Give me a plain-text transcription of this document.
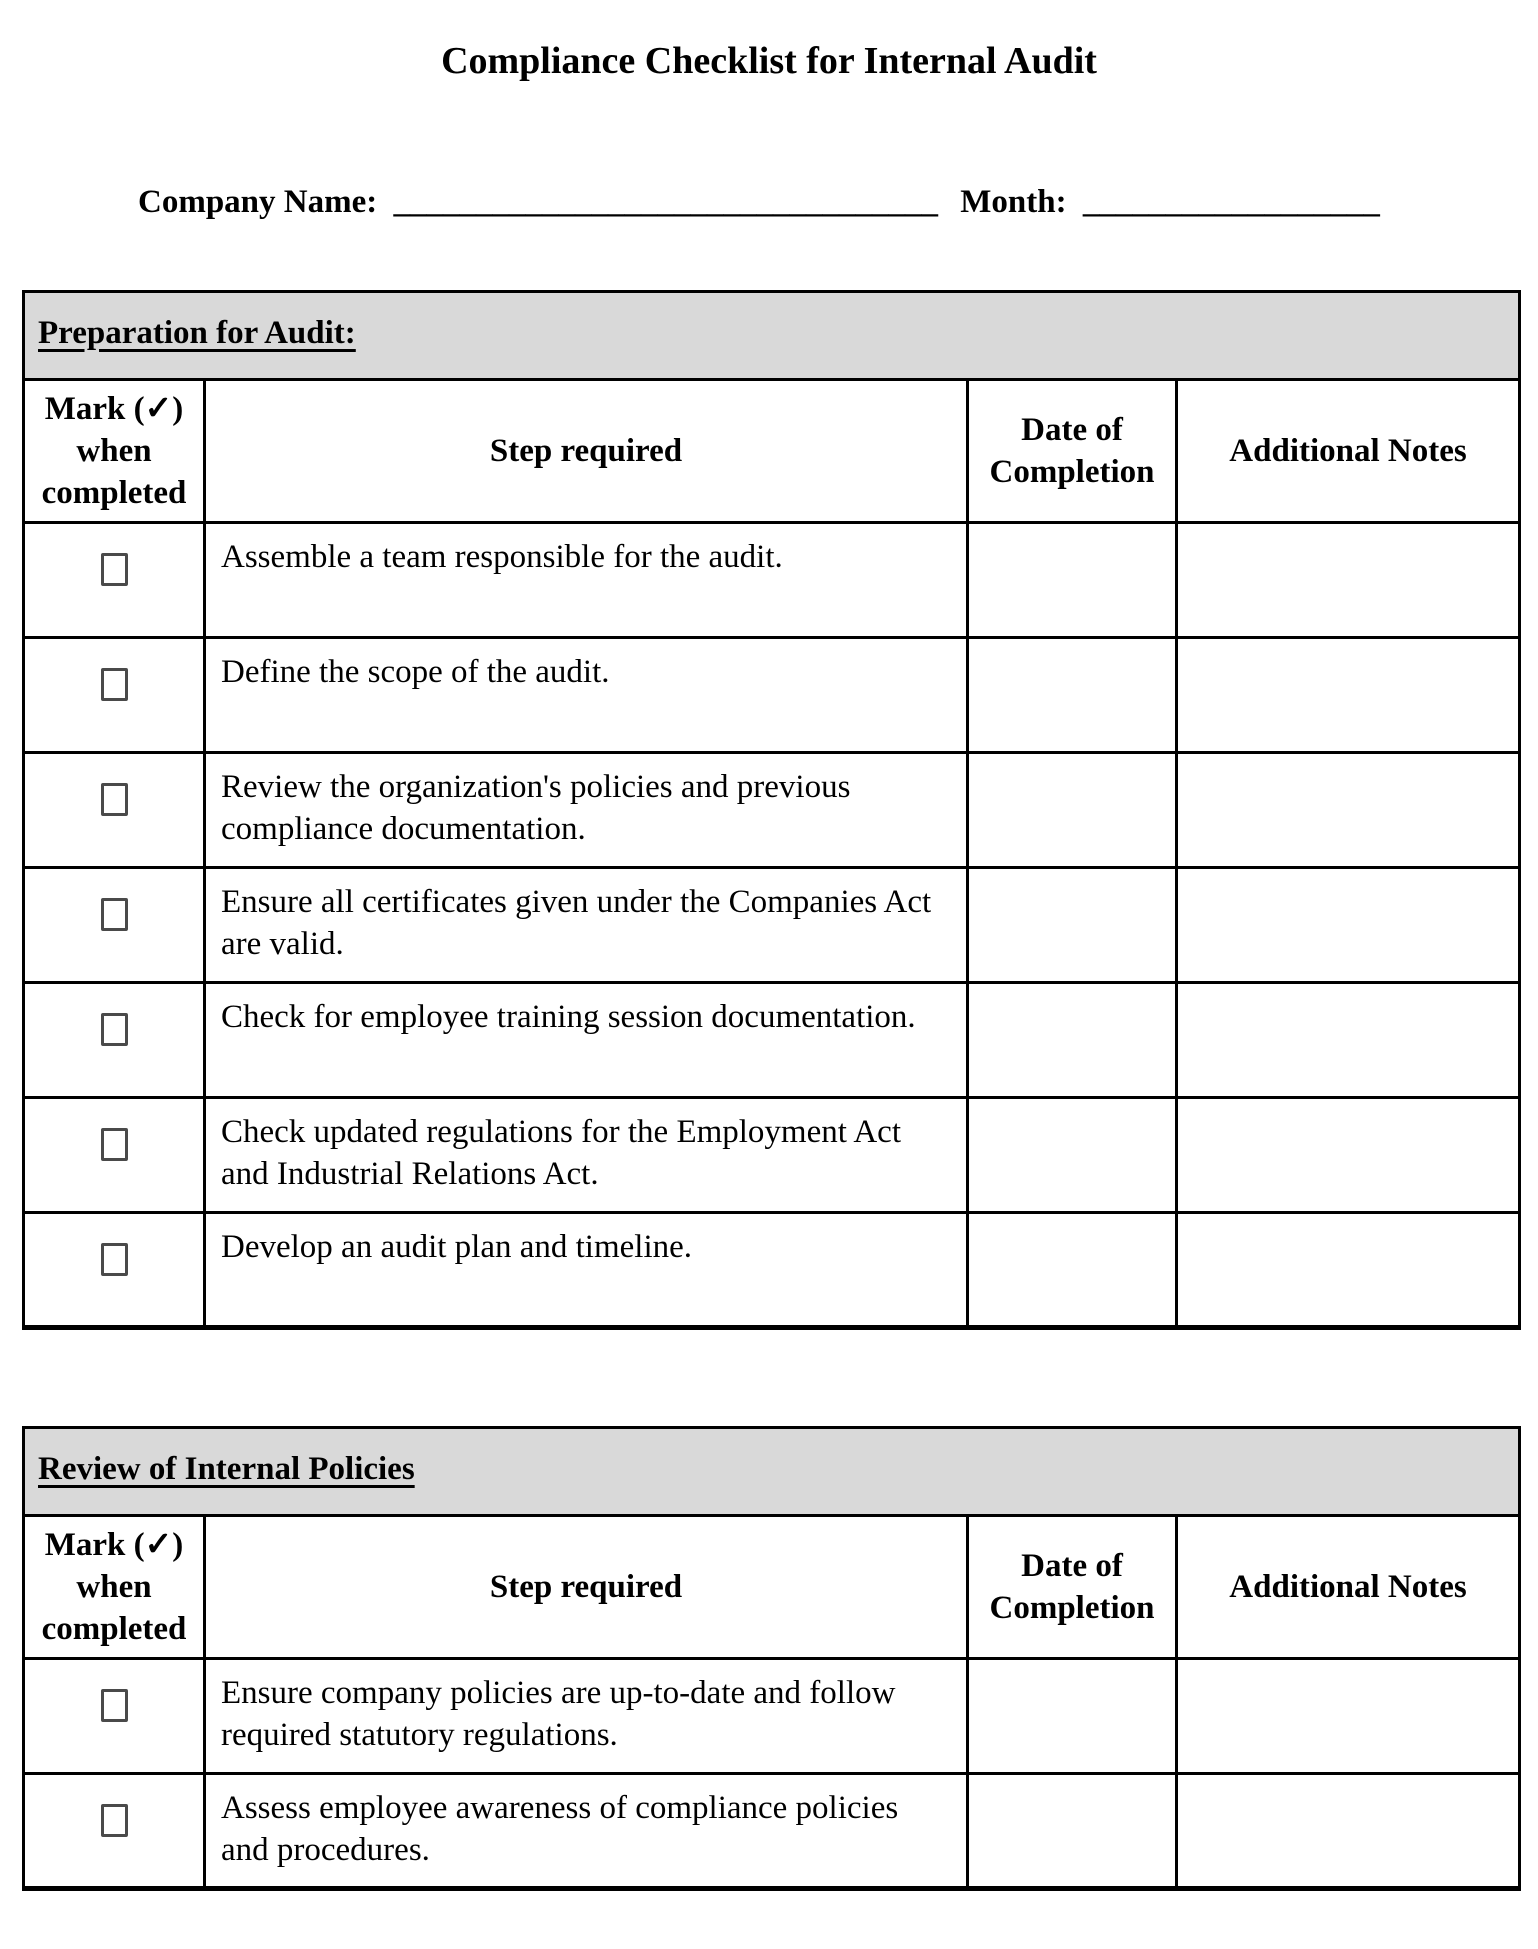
Compliance Checklist for Internal Audit
Company Name: _________________________________ Month: __________________
Preparation for Audit:			
Mark (✓) when completed	Step required	Date of Completion	Additional Notes

	Assemble a team responsible for the audit.		

	Define the scope of the audit.		

	Review the organization's policies and previous compliance documentation.		

	Ensure all certificates given under the Companies Act are valid.		

	Check for employee training session documentation.		

	Check updated regulations for the Employment Act and Industrial Relations Act.		

	Develop an audit plan and timeline.		

Review of Internal Policies			
Mark (✓) when completed	Step required	Date of Completion	Additional Notes

	Ensure company policies are up-to-date and follow required statutory regulations.		

	Assess employee awareness of compliance policies and procedures.		
